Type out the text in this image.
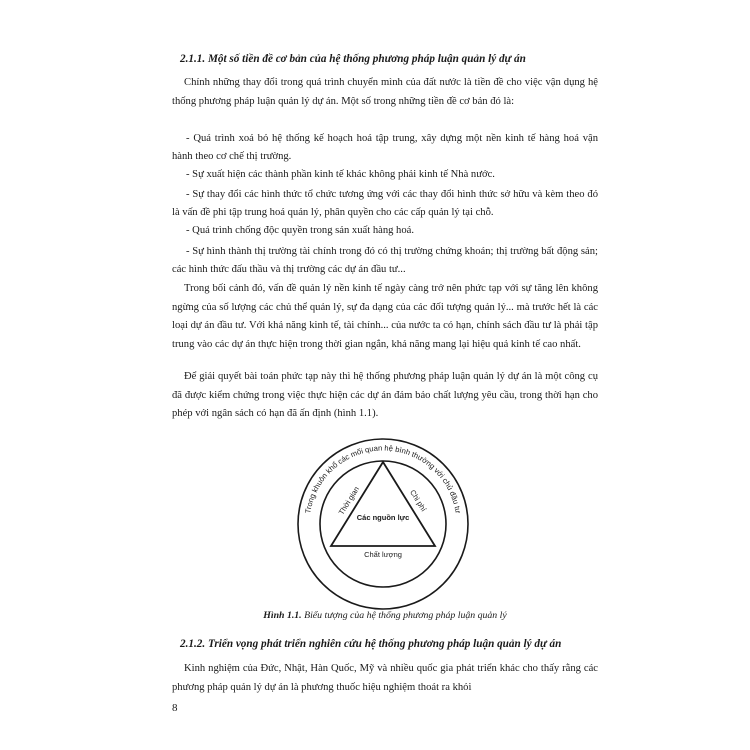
2.1.1. Một số tiền đề cơ bản của hệ thống phương pháp luận quản lý dự án

Chính những thay đổi trong quá trình chuyển mình của đất nước là tiền đề cho việc vận dụng hệ thống phương pháp luận quản lý dự án. Một số trong những tiền đề cơ bản đó là:

- Quá trình xoá bỏ hệ thống kế hoạch hoá tập trung, xây dựng một nền kinh tế hàng hoá vận hành theo cơ chế thị trường.

- Sự xuất hiện các thành phần kinh tế khác không phải kinh tế Nhà nước.

- Sự thay đổi các hình thức tổ chức tương ứng với các thay đổi hình thức sở hữu và kèm theo đó là vấn đề phi tập trung hoá quản lý, phân quyền cho các cấp quản lý tại chỗ.

- Quá trình chống độc quyền trong sản xuất hàng hoá.

- Sự hình thành thị trường tài chính trong đó có thị trường chứng khoán; thị trường bất động sản; các hình thức đấu thầu và thị trường các dự án đầu tư...

Trong bối cảnh đó, vấn đề quản lý nền kinh tế ngày càng trở nên phức tạp với sự tăng lên không ngừng của số lượng các chủ thể quản lý, sự đa dạng của các đối tượng quản lý... mà trước hết là các loại dự án đầu tư. Với khả năng kinh tế, tài chính... của nước ta có hạn, chính sách đầu tư là phải tập trung vào các dự án thực hiện trong thời gian ngắn, khả năng mang lại hiệu quả kinh tế cao nhất.

Để giải quyết bài toán phức tạp này thì hệ thống phương pháp luận quản lý dự án là một công cụ đã được kiểm chứng trong việc thực hiện các dự án đảm bảo chất lượng yêu cầu, trong thời hạn cho phép với ngân sách có hạn đã ấn định (hình 1.1).

Trong khuôn khổ các mối quan hệ bình thường với chủ đầu tư
Thời gian	Chi phí
Chất lượng
Các nguồn lực
Hình 1.1. Biểu tượng của hệ thống phương pháp luận quản lý
2.1.2. Triển vọng phát triển nghiên cứu hệ thống phương pháp luận quản lý dự án

Kinh nghiệm của Đức, Nhật, Hàn Quốc, Mỹ và nhiều quốc gia phát triển khác cho thấy rằng các phương pháp quản lý dự án là phương thuốc hiệu nghiệm thoát ra khỏi

8
